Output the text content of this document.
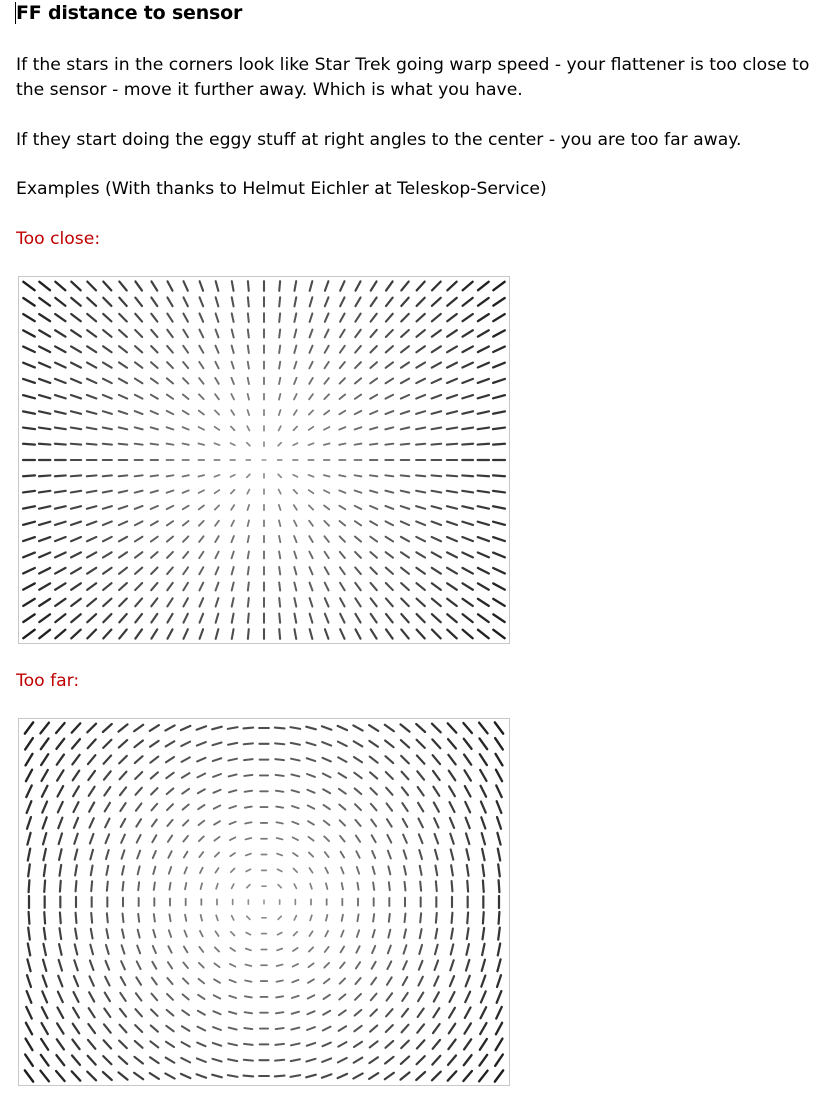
FF distance to sensor
If the stars in the corners look like Star Trek going warp speed - your flattener is too close to
the sensor - move it further away. Which is what you have.
If they start doing the eggy stuff at right angles to the center - you are too far away.
Examples (With thanks to Helmut Eichler at Teleskop-Service)
Too close:
Too far:
